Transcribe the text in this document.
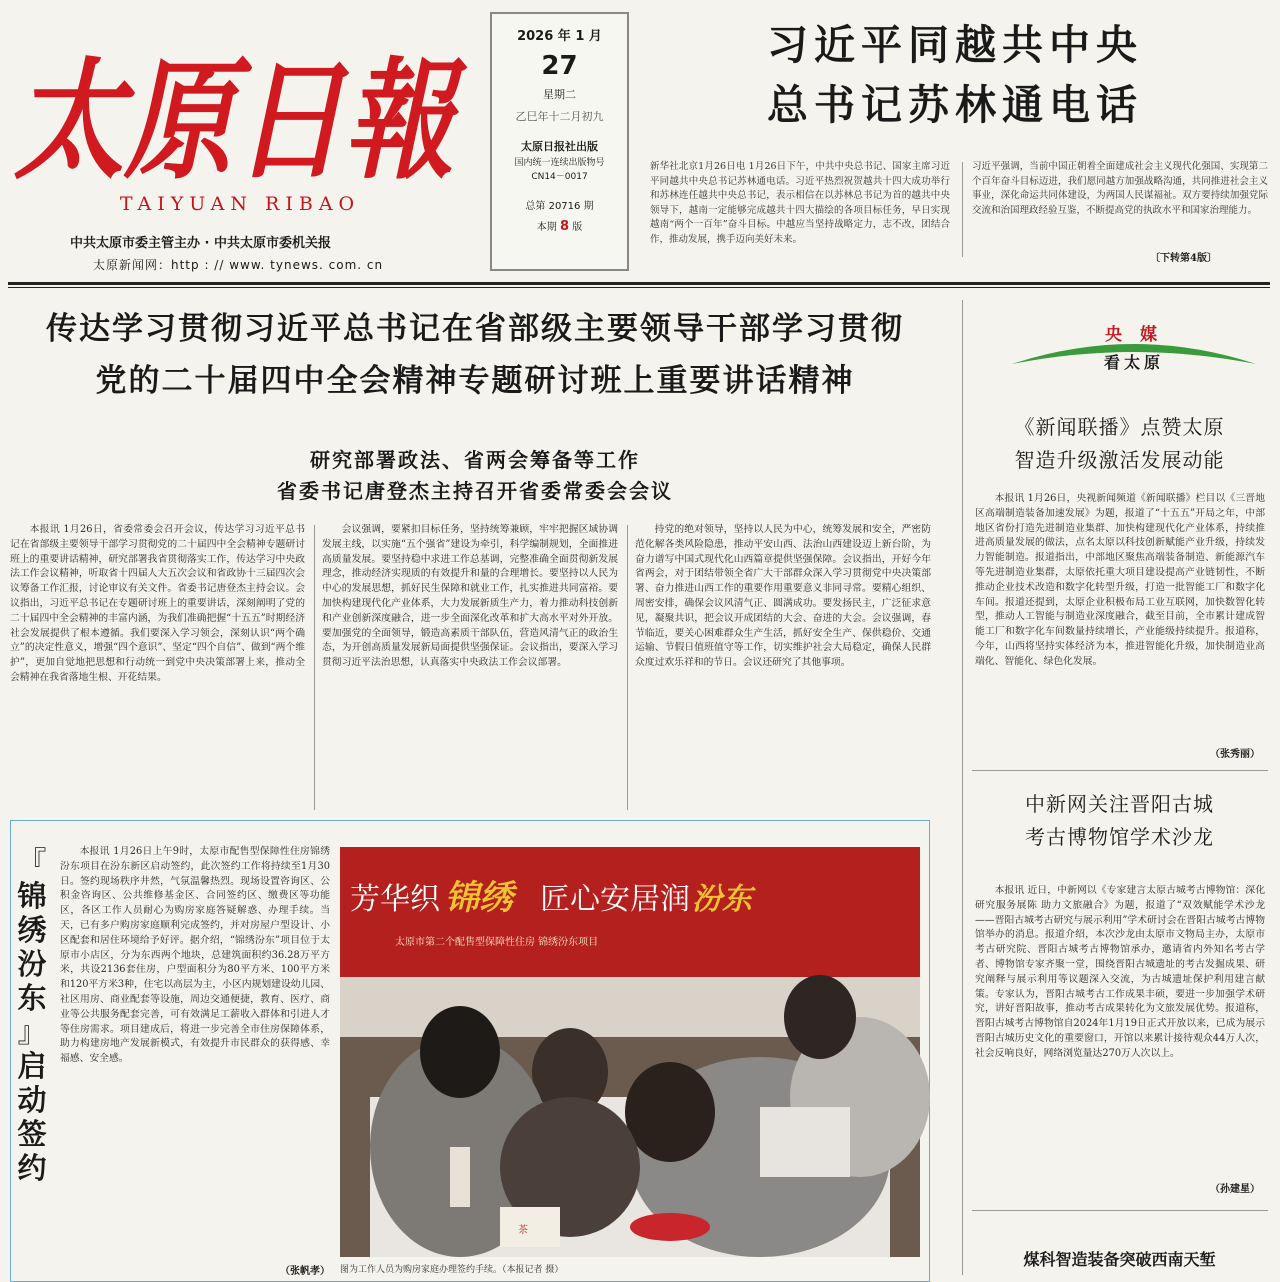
太原日報
TAIYUAN RIBAO
中共太原市委主管主办 · 中共太原市委机关报
太原新闻网：http : // www. tynews. com. cn
2026 年 1 月
27
星期二
乙巳年十二月初九
太原日报社出版
国内统一连续出版物号
CN14－0017
总第 20716 期
本期 8 版
习近平同越共中央
总书记苏林通电话
新华社北京1月26日电 1月26日下午，中共中央总书记、国家主席习近平同越共中央总书记苏林通电话。习近平热烈祝贺越共十四大成功举行和苏林连任越共中央总书记，表示相信在以苏林总书记为首的越共中央领导下，越南一定能够完成越共十四大描绘的各项目标任务，早日实现越南“两个一百年”奋斗目标。中越应当坚持战略定力，志不改，团结合作，推动发展，携手迈向美好未来。
习近平强调，当前中国正朝着全面建成社会主义现代化强国、实现第二个百年奋斗目标迈进，我们愿同越方加强战略沟通，共同推进社会主义事业，深化命运共同体建设，为两国人民谋福祉。双方要持续加强党际交流和治国理政经验互鉴，不断提高党的执政水平和国家治理能力。
〔下转第4版〕
传达学习贯彻习近平总书记在省部级主要领导干部学习贯彻
党的二十届四中全会精神专题研讨班上重要讲话精神
研究部署政法、省两会筹备等工作
省委书记唐登杰主持召开省委常委会会议

本报讯 1月26日，省委常委会召开会议，传达学习习近平总书记在省部级主要领导干部学习贯彻党的二十届四中全会精神专题研讨班上的重要讲话精神，研究部署我省贯彻落实工作，传达学习中央政法工作会议精神，听取省十四届人大五次会议和省政协十三届四次会议筹备工作汇报，讨论审议有关文件。省委书记唐登杰主持会议。会议指出，习近平总书记在专题研讨班上的重要讲话，深刻阐明了党的二十届四中全会精神的丰富内涵，为我们准确把握“十五五”时期经济社会发展提供了根本遵循。我们要深入学习领会，深刻认识“两个确立”的决定性意义，增强“四个意识”、坚定“四个自信”、做到“两个维护”，更加自觉地把思想和行动统一到党中央决策部署上来，推动全会精神在我省落地生根、开花结果。

会议强调，要紧扣目标任务，坚持统筹兼顾，牢牢把握区域协调发展主线，以实施“五个强省”建设为牵引，科学编制规划，全面推进高质量发展。要坚持稳中求进工作总基调，完整准确全面贯彻新发展理念，推动经济实现质的有效提升和量的合理增长。要坚持以人民为中心的发展思想，抓好民生保障和就业工作，扎实推进共同富裕。要加快构建现代化产业体系，大力发展新质生产力，着力推动科技创新和产业创新深度融合，进一步全面深化改革和扩大高水平对外开放。要加强党的全面领导，锻造高素质干部队伍，营造风清气正的政治生态，为开创高质量发展新局面提供坚强保证。会议指出，要深入学习贯彻习近平法治思想，认真落实中央政法工作会议部署。

持党的绝对领导，坚持以人民为中心，统筹发展和安全，严密防范化解各类风险隐患，推动平安山西、法治山西建设迈上新台阶，为奋力谱写中国式现代化山西篇章提供坚强保障。会议指出，开好今年省两会，对于团结带领全省广大干部群众深入学习贯彻党中央决策部署、奋力推进山西工作的重要作用重要意义非同寻常。要精心组织、周密安排，确保会议风清气正、圆满成功。要发扬民主，广泛征求意见，凝聚共识，把会议开成团结的大会、奋进的大会。会议强调，春节临近，要关心困难群众生产生活，抓好安全生产、保供稳价、交通运输、节假日值班值守等工作，切实维护社会大局稳定，确保人民群众度过欢乐祥和的节日。会议还研究了其他事项。

央 媒
看太原
《新闻联播》点赞太原
智造升级激活发展动能

本报讯 1月26日，央视新闻频道《新闻联播》栏目以《三晋地区高端制造装备加速发展》为题，报道了“十五五”开局之年，中部地区省份打造先进制造业集群、加快构建现代化产业体系，持续推进高质量发展的做法，点名太原以科技创新赋能产业升级，持续发力智能制造。报道指出，中部地区聚焦高端装备制造、新能源汽车等先进制造业集群，太原依托重大项目建设提高产业链韧性，不断推动企业技术改造和数字化转型升级，打造一批智能工厂和数字化车间。报道还提到，太原企业积极布局工业互联网，加快数智化转型，推动人工智能与制造业深度融合，截至目前，全市累计建成智能工厂和数字化车间数量持续增长，产业能级持续提升。报道称，今年，山西将坚持实体经济为本，推进智能化升级，加快制造业高端化、智能化、绿色化发展。

（张秀丽）
中新网关注晋阳古城
考古博物馆学术沙龙

本报讯 近日，中新网以《专家建言太原古城考古博物馆：深化研究服务展陈 助力文旅融合》为题，报道了“双效赋能学术沙龙——晋阳古城考古研究与展示利用”学术研讨会在晋阳古城考古博物馆举办的消息。报道介绍，本次沙龙由太原市文物局主办，太原市考古研究院、晋阳古城考古博物馆承办，邀请省内外知名考古学者、博物馆专家齐聚一堂，围绕晋阳古城遗址的考古发掘成果、研究阐释与展示利用等议题深入交流，为古城遗址保护利用建言献策。专家认为，晋阳古城考古工作成果丰硕，要进一步加强学术研究，讲好晋阳故事，推动考古成果转化为文旅发展优势。报道称，晋阳古城考古博物馆自2024年1月19日正式开放以来，已成为展示晋阳古城历史文化的重要窗口，开馆以来累计接待观众44万人次，社会反响良好，网络浏览量达270万人次以上。

（孙建星）
煤科智造装备突破西南天堑
『
锦
绣
汾
东
』
启
动
签
约

本报讯 1月26日上午9时，太原市配售型保障性住房锦绣汾东项目在汾东新区启动签约，此次签约工作将持续至1月30日。签约现场秩序井然，气氛温馨热烈。现场设置咨询区、公积金咨询区、公共维修基金区、合同签约区、缴费区等功能区，各区工作人员耐心为购房家庭答疑解惑、办理手续。当天，已有多户购房家庭顺利完成签约，并对房屋户型设计、小区配套和居住环境给予好评。据介绍，“锦绣汾东”项目位于太原市小店区，分为东西两个地块，总建筑面积约36.28万平方米，共设2136套住房，户型面积分为80平方米、100平方米和120平方米3种，住宅以高层为主，小区内规划建设幼儿园、社区用房、商业配套等设施，周边交通便捷，教育、医疗、商业等公共服务配套完善，可有效满足工薪收入群体和引进人才等住房需求。项目建成后，将进一步完善全市住房保障体系，助力构建房地产发展新模式，有效提升市民群众的获得感、幸福感、安全感。

（张帆孝）
芳华织 锦绣 匠心安居润 汾东
太原市第二个配售型保障性住房 锦绣汾东项目
茶
图为工作人员为购房家庭办理签约手续。（本报记者 摄）
